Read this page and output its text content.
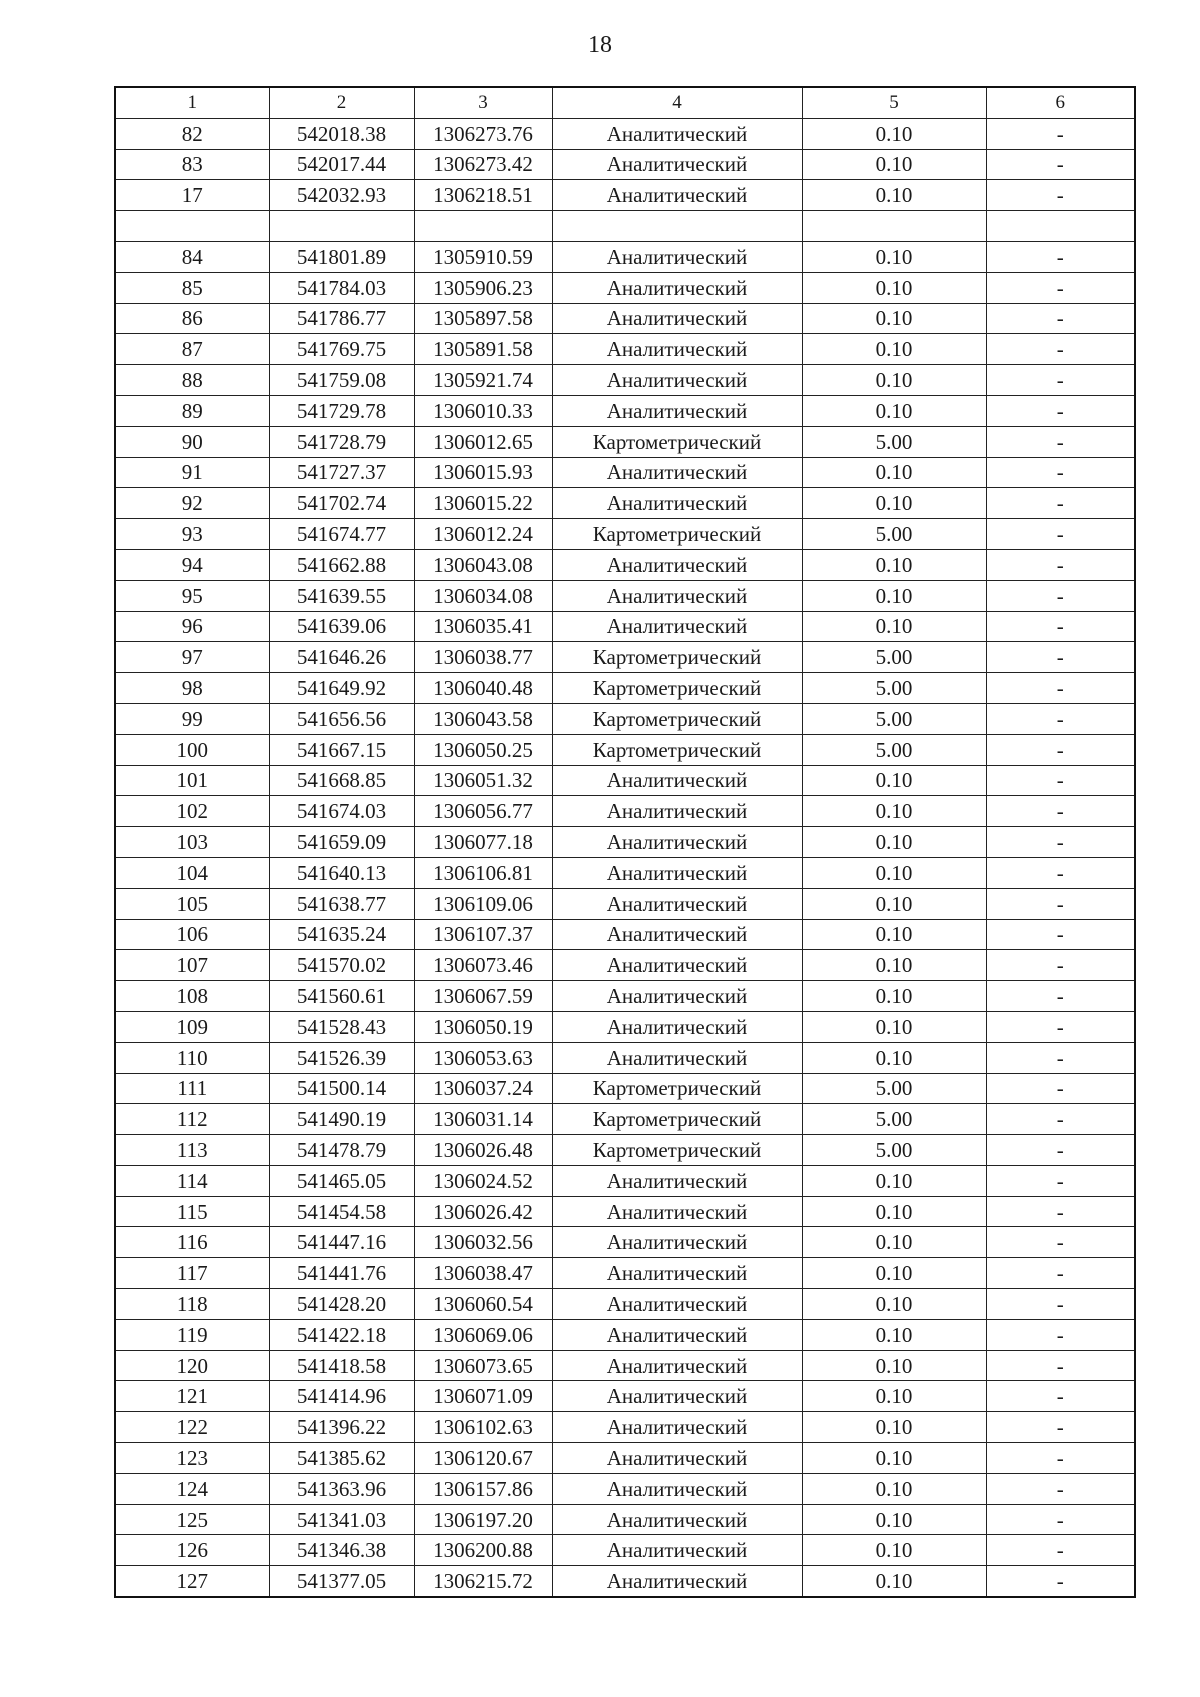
18
1	2	3	4	5	6
82	542018.38	1306273.76	Аналитический	0.10	-
83	542017.44	1306273.42	Аналитический	0.10	-
17	542032.93	1306218.51	Аналитический	0.10	-

84	541801.89	1305910.59	Аналитический	0.10	-
85	541784.03	1305906.23	Аналитический	0.10	-
86	541786.77	1305897.58	Аналитический	0.10	-
87	541769.75	1305891.58	Аналитический	0.10	-
88	541759.08	1305921.74	Аналитический	0.10	-
89	541729.78	1306010.33	Аналитический	0.10	-
90	541728.79	1306012.65	Картометрический	5.00	-
91	541727.37	1306015.93	Аналитический	0.10	-
92	541702.74	1306015.22	Аналитический	0.10	-
93	541674.77	1306012.24	Картометрический	5.00	-
94	541662.88	1306043.08	Аналитический	0.10	-
95	541639.55	1306034.08	Аналитический	0.10	-
96	541639.06	1306035.41	Аналитический	0.10	-
97	541646.26	1306038.77	Картометрический	5.00	-
98	541649.92	1306040.48	Картометрический	5.00	-
99	541656.56	1306043.58	Картометрический	5.00	-
100	541667.15	1306050.25	Картометрический	5.00	-
101	541668.85	1306051.32	Аналитический	0.10	-
102	541674.03	1306056.77	Аналитический	0.10	-
103	541659.09	1306077.18	Аналитический	0.10	-
104	541640.13	1306106.81	Аналитический	0.10	-
105	541638.77	1306109.06	Аналитический	0.10	-
106	541635.24	1306107.37	Аналитический	0.10	-
107	541570.02	1306073.46	Аналитический	0.10	-
108	541560.61	1306067.59	Аналитический	0.10	-
109	541528.43	1306050.19	Аналитический	0.10	-
110	541526.39	1306053.63	Аналитический	0.10	-
111	541500.14	1306037.24	Картометрический	5.00	-
112	541490.19	1306031.14	Картометрический	5.00	-
113	541478.79	1306026.48	Картометрический	5.00	-
114	541465.05	1306024.52	Аналитический	0.10	-
115	541454.58	1306026.42	Аналитический	0.10	-
116	541447.16	1306032.56	Аналитический	0.10	-
117	541441.76	1306038.47	Аналитический	0.10	-
118	541428.20	1306060.54	Аналитический	0.10	-
119	541422.18	1306069.06	Аналитический	0.10	-
120	541418.58	1306073.65	Аналитический	0.10	-
121	541414.96	1306071.09	Аналитический	0.10	-
122	541396.22	1306102.63	Аналитический	0.10	-
123	541385.62	1306120.67	Аналитический	0.10	-
124	541363.96	1306157.86	Аналитический	0.10	-
125	541341.03	1306197.20	Аналитический	0.10	-
126	541346.38	1306200.88	Аналитический	0.10	-
127	541377.05	1306215.72	Аналитический	0.10	-
